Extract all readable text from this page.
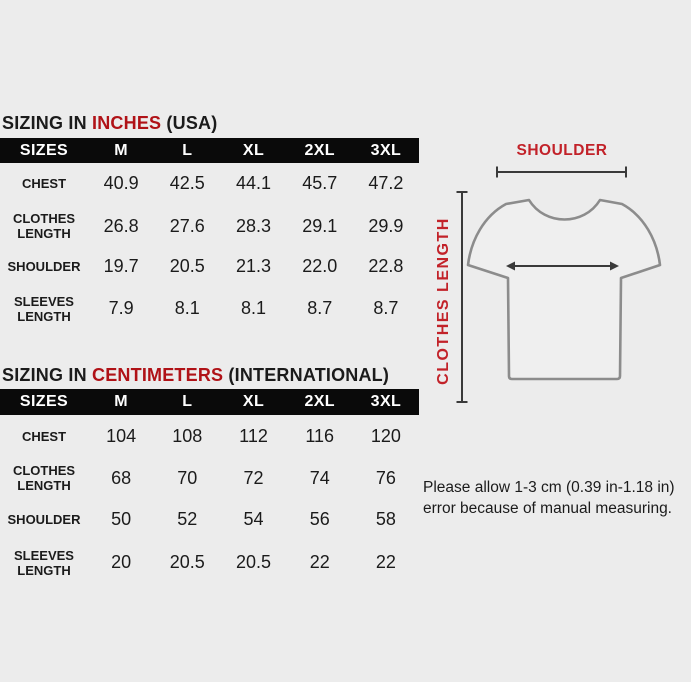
SIZING IN INCHES (USA)
SIZES	M	L	XL	2XL	3XL
CHEST	40.9	42.5	44.1	45.7	47.2
CLOTHES LENGTH	26.8	27.6	28.3	29.1	29.9
SHOULDER	19.7	20.5	21.3	22.0	22.8
SLEEVES LENGTH	7.9	8.1	8.1	8.7	8.7
SIZING IN CENTIMETERS (INTERNATIONAL)
SIZES	M	L	XL	2XL	3XL
CHEST	104	108	112	116	120
CLOTHES LENGTH	68	70	72	74	76
SHOULDER	50	52	54	56	58
SLEEVES LENGTH	20	20.5	20.5	22	22
SHOULDER
CLOTHES LENGTH
Please allow 1-3 cm (0.39 in-1.18 in)
error because of manual measuring.
